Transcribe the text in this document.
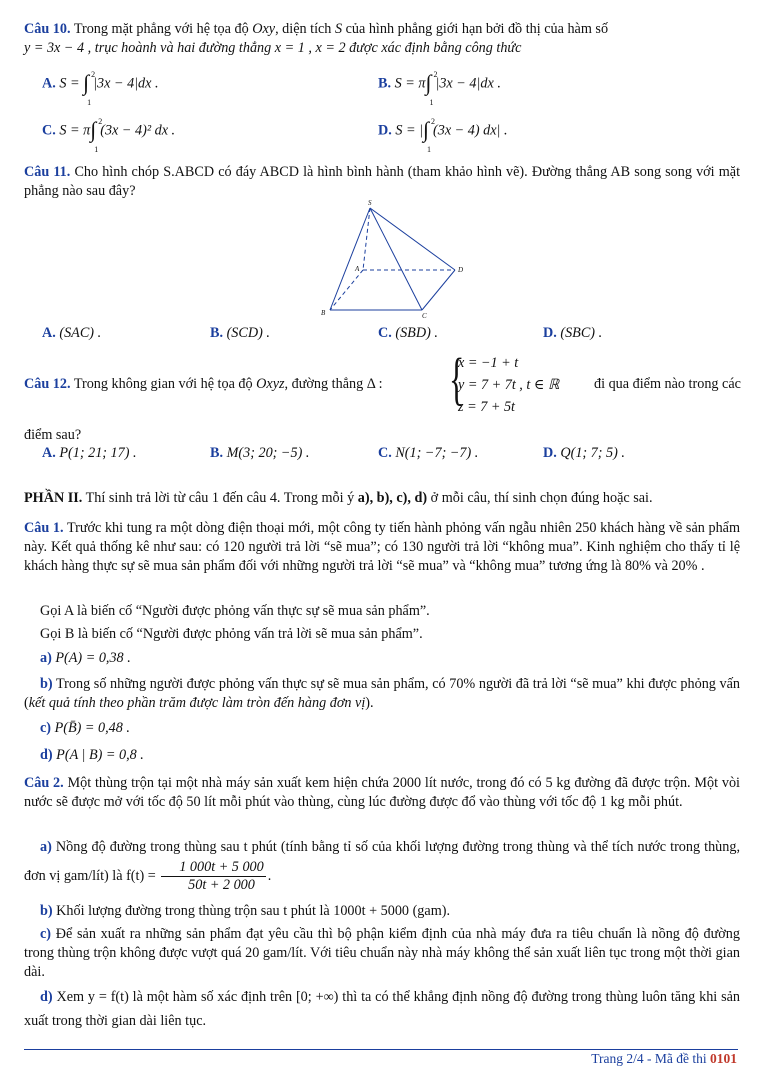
Câu 10. Trong mặt phẳng với hệ tọa độ Oxy, diện tích S của hình phẳng giới hạn bởi đồ thị của hàm số
y = 3x − 4 , trục hoành và hai đường thẳng x = 1 , x = 2 được xác định bằng công thức
A. S = ∫ 2
1
|3x − 4|dx .	B. S = π ∫ 2
1
|3x − 4|dx .
C. S = π ∫ 2
1
(3x − 4)² dx .	D. S = | ∫ 2
1
(3x − 4) dx| .
Câu 11. Cho hình chóp S.ABCD có đáy ABCD là hình bình hành (tham khảo hình vẽ). Đường thẳng AB song song với mặt phẳng nào sau đây?
S
A
B	C
D
A. (SAC) .	B. (SCD) .	C. (SBD) .	D. (SBC) .
Câu 12. Trong không gian với hệ tọa độ Oxyz, đường thẳng Δ : {
x = −1 + t
y = 7 + 7t , t ∈ ℝ
z = 7 + 5t
đi qua điểm nào trong các
điểm sau?
A. P(1; 21; 17) .	B. M(3; 20; −5) .	C. N(1; −7; −7) .	D. Q(1; 7; 5) .
PHẦN II. Thí sinh trả lời từ câu 1 đến câu 4. Trong mỗi ý a), b), c), d) ở mỗi câu, thí sinh chọn đúng hoặc sai.
Câu 1. Trước khi tung ra một dòng điện thoại mới, một công ty tiến hành phỏng vấn ngẫu nhiên 250 khách hàng về sản phẩm này. Kết quả thống kê như sau: có 120 người trả lời “sẽ mua”; có 130 người trả lời “không mua”. Kinh nghiệm cho thấy tỉ lệ khách hàng thực sự sẽ mua sản phẩm đối với những người trả lời “sẽ mua” và “không mua” tương ứng là 80% và 20% .
Gọi A là biến cố “Người được phỏng vấn thực sự sẽ mua sản phẩm”.
Gọi B là biến cố “Người được phỏng vấn trả lời sẽ mua sản phẩm”.
a) P(A) = 0,38 .
b) Trong số những người được phỏng vấn thực sự sẽ mua sản phẩm, có 70% người đã trả lời “sẽ mua” khi được phỏng vấn (kết quả tính theo phần trăm được làm tròn đến hàng đơn vị).
c) P(B̄) = 0,48 .
d) P(A | B) = 0,8 .
Câu 2. Một thùng trộn tại một nhà máy sản xuất kem hiện chứa 2000 lít nước, trong đó có 5 kg đường đã được trộn. Một vòi nước sẽ được mở với tốc độ 50 lít mỗi phút vào thùng, cùng lúc đường được đổ vào thùng với tốc độ 1 kg mỗi phút.
a) Nồng độ đường trong thùng sau t phút (tính bằng tỉ số của khối lượng đường trong thùng và thể tích nước trong thùng, đơn vị gam/lít) là $f(t) = \frac{1 000t + 5 000}{50t + 2 000}$ .
b) Khối lượng đường trong thùng trộn sau t phút là 1000t + 5000 (gam).
c) Để sản xuất ra những sản phẩm đạt yêu cầu thì bộ phận kiểm định của nhà máy đưa ra tiêu chuẩn là nồng độ đường trong thùng trộn không được vượt quá 20 gam/lít. Với tiêu chuẩn này nhà máy không thể sản xuất liên tục trong một thời gian dài.
d) Xem y = f(t) là một hàm số xác định trên [0; +∞) thì ta có thể khẳng định nồng độ đường trong thùng luôn tăng khi sản xuất trong thời gian dài liên tục.
Trang 2/4 - Mã đề thi 0101
